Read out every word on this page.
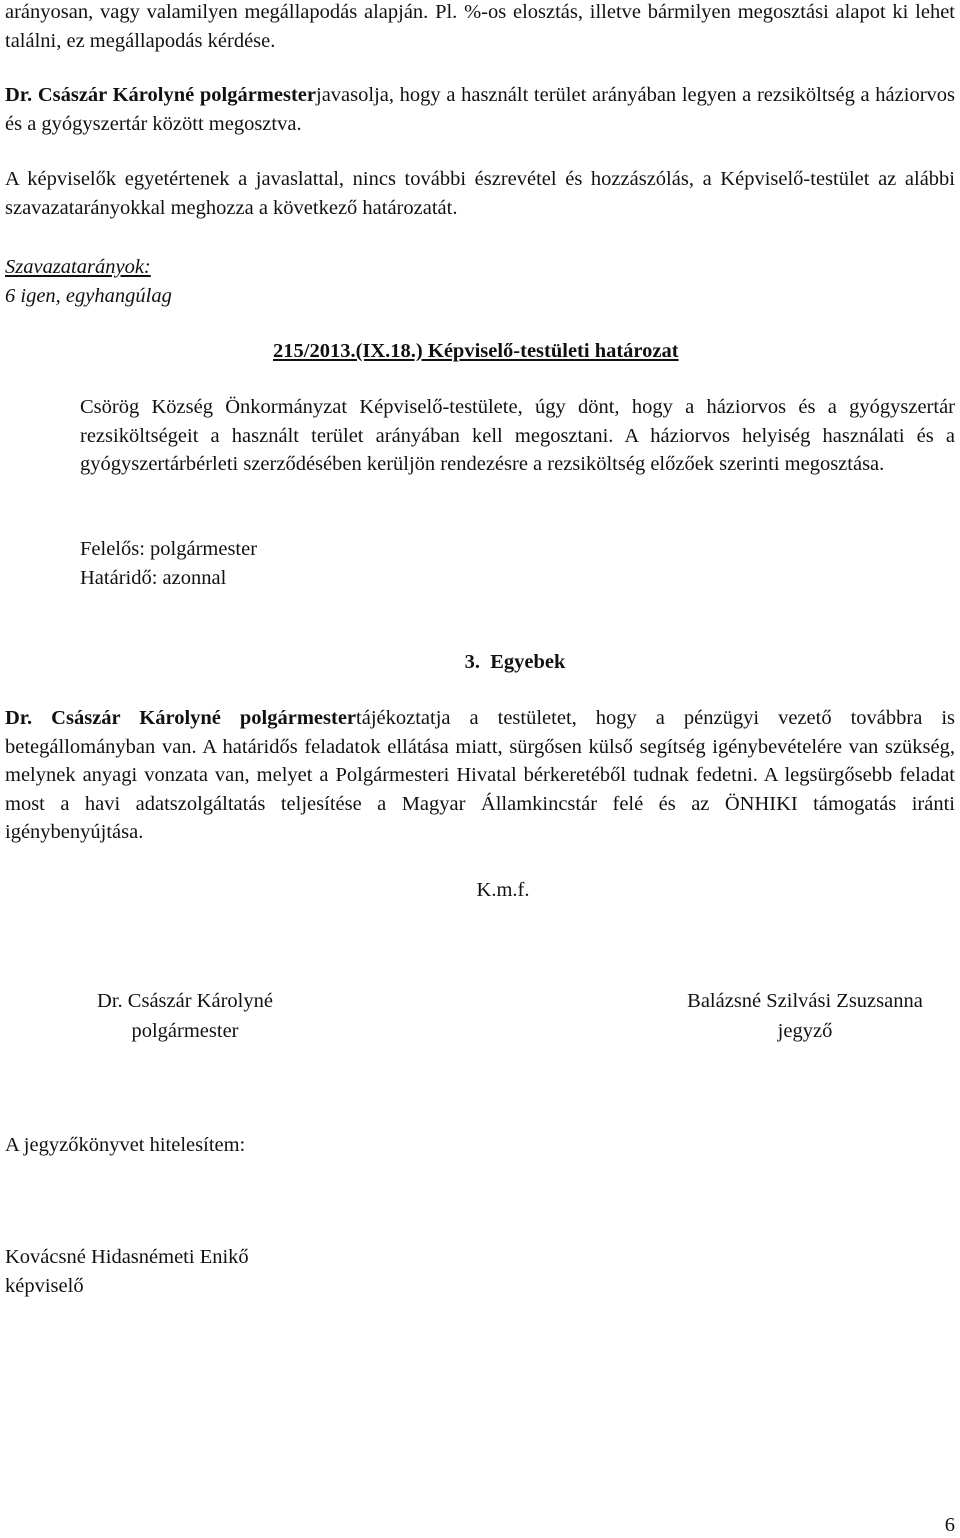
arányosan, vagy valamilyen megállapodás alapján. Pl. %-os elosztás, illetve bármilyen megosztási alapot ki lehet találni, ez megállapodás kérdése.

Dr. Császár Károlyné polgármesterjavasolja, hogy a használt terület arányában legyen a rezsiköltség a háziorvos és a gyógyszertár között megosztva.

A képviselők egyetértenek a javaslattal, nincs további észrevétel és hozzászólás, a Képviselő-testület az alábbi szavazatarányokkal meghozza a következő határozatát.

Szavazatarányok:
6 igen, egyhangúlag

215/2013.(IX.18.) Képviselő-testületi határozat

Csörög Község Önkormányzat Képviselő-testülete, úgy dönt, hogy a háziorvos és a gyógyszertár rezsiköltségeit a használt terület arányában kell megosztani. A háziorvos helyiség használati és a gyógyszertárbérleti szerződésében kerüljön rendezésre a rezsiköltség előzőek szerinti megosztása.

Felelős: polgármester
Határidő: azonnal

3.  Egyebek

Dr. Császár Károlyné polgármestertájékoztatja a testületet, hogy a pénzügyi vezető továbbra is betegállományban van. A határidős feladatok ellátása miatt, sürgősen külső segítség igénybevételére van szükség, melynek anyagi vonzata van, melyet a Polgármesteri Hivatal bérkeretéből tudnak fedetni. A legsürgősebb feladat most a havi adatszolgáltatás teljesítése a Magyar Államkincstár felé és az ÖNHIKI támogatás iránti igénybenyújtása.

K.m.f.
Dr. Császár Károlyné
polgármester
Balázsné Szilvási Zsuzsanna
jegyző

A jegyzőkönyvet hitelesítem:

Kovácsné Hidasnémeti Enikő
képviselő

6
